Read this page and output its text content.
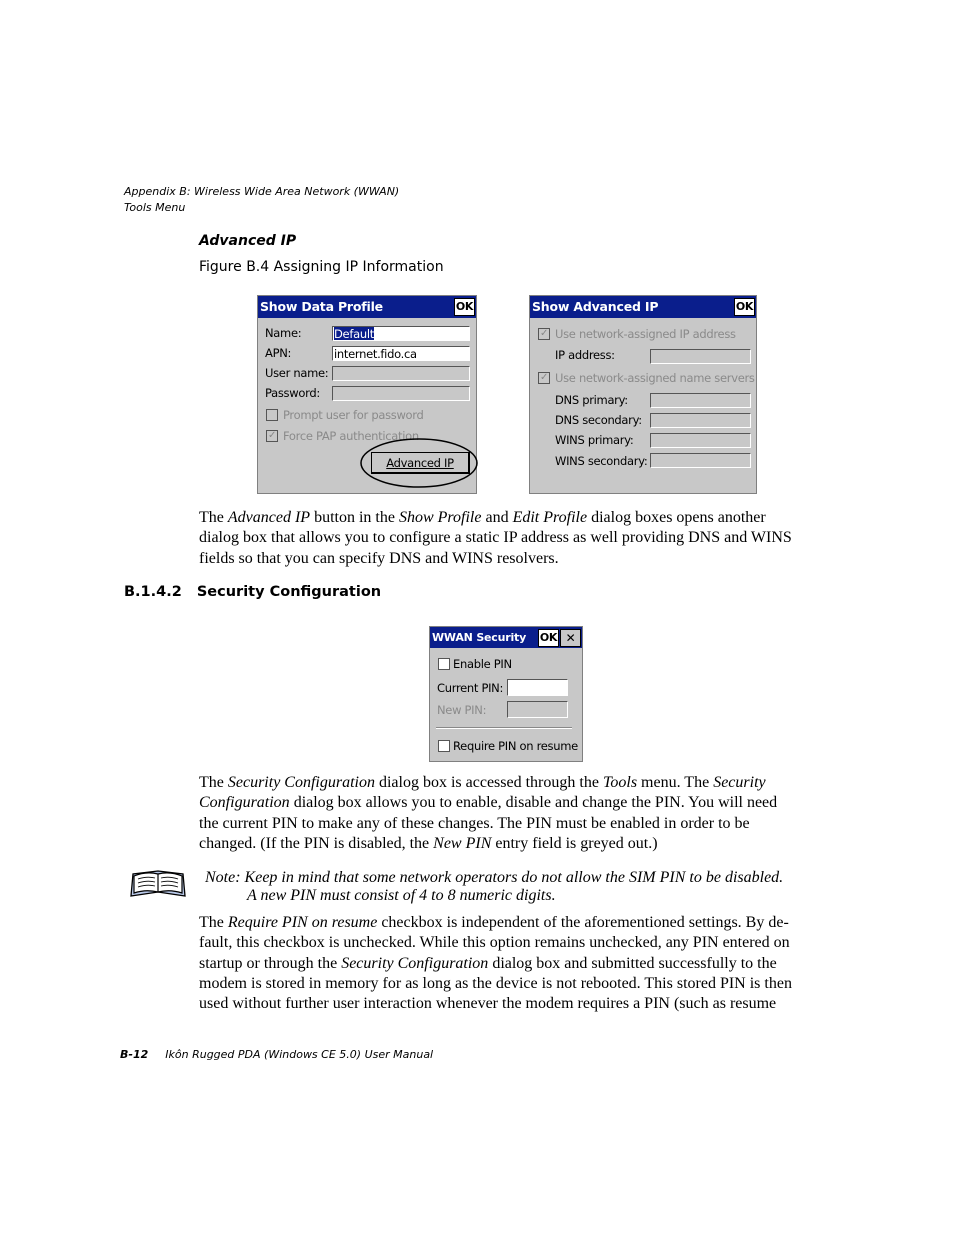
Appendix B: Wireless Wide Area Network (WWAN)
Tools Menu
Advanced IP
Figure B.4 Assigning IP Information
Show Data Profile	OK
Name:	Default
APN:	internet.fido.ca
User name:
Password:
Prompt user for password
✓ Force PAP authentication
Advanced IP
Show Advanced IP	OK
✓ Use network-assigned IP address
IP address:
✓ Use network-assigned name servers
DNS primary:
DNS secondary:
WINS primary:
WINS secondary:
The Advanced IP button in the Show Profile and Edit Profile dialog boxes opens another
dialog box that allows you to configure a static IP address as well providing DNS and WINS
fields so that you can specify DNS and WINS resolvers.
B.1.4.2 Security Configuration
WWAN Security OK ✕
Enable PIN
Current PIN:
New PIN:
Require PIN on resume
The Security Configuration dialog box is accessed through the Tools menu. The Security
Configuration dialog box allows you to enable, disable and change the PIN. You will need
the current PIN to make any of these changes. The PIN must be enabled in order to be
changed. (If the PIN is disabled, the New PIN entry field is greyed out.)
Note: Keep in mind that some network operators do not allow the SIM PIN to be disabled.
A new PIN must consist of 4 to 8 numeric digits.
The Require PIN on resume checkbox is independent of the aforementioned settings. By de-
fault, this checkbox is unchecked. While this option remains unchecked, any PIN entered on
startup or through the Security Configuration dialog box and submitted successfully to the
modem is stored in memory for as long as the device is not rebooted. This stored PIN is then
used without further user interaction whenever the modem requires a PIN (such as resume
B-12 Ikôn Rugged PDA (Windows CE 5.0) User Manual
